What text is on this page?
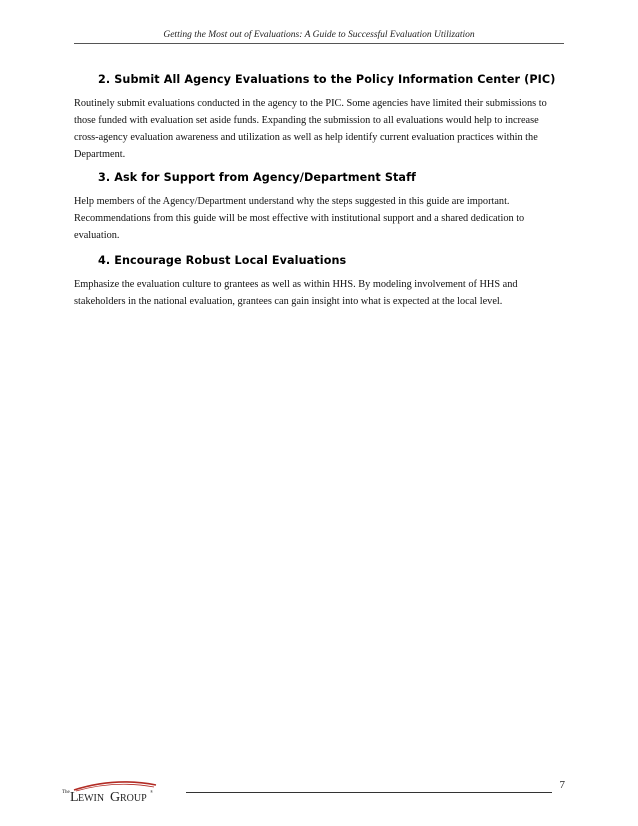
Getting the Most out of Evaluations: A Guide to Successful Evaluation Utilization
2. Submit All Agency Evaluations to the Policy Information Center (PIC)

Routinely submit evaluations conducted in the agency to the PIC. Some agencies have limited their submissions to those funded with evaluation set aside funds. Expanding the submission to all evaluations would help to increase cross-agency evaluation awareness and utilization as well as help identify current evaluation practices within the Department.

3. Ask for Support from Agency/Department Staff

Help members of the Agency/Department understand why the steps suggested in this guide are important. Recommendations from this guide will be most effective with institutional support and a shared dedication to evaluation.

4. Encourage Robust Local Evaluations

Emphasize the evaluation culture to grantees as well as within HHS. By modeling involvement of HHS and stakeholders in the national evaluation, grantees can gain insight into what is expected at the local level.

The L EWIN G ROUP
®
7
